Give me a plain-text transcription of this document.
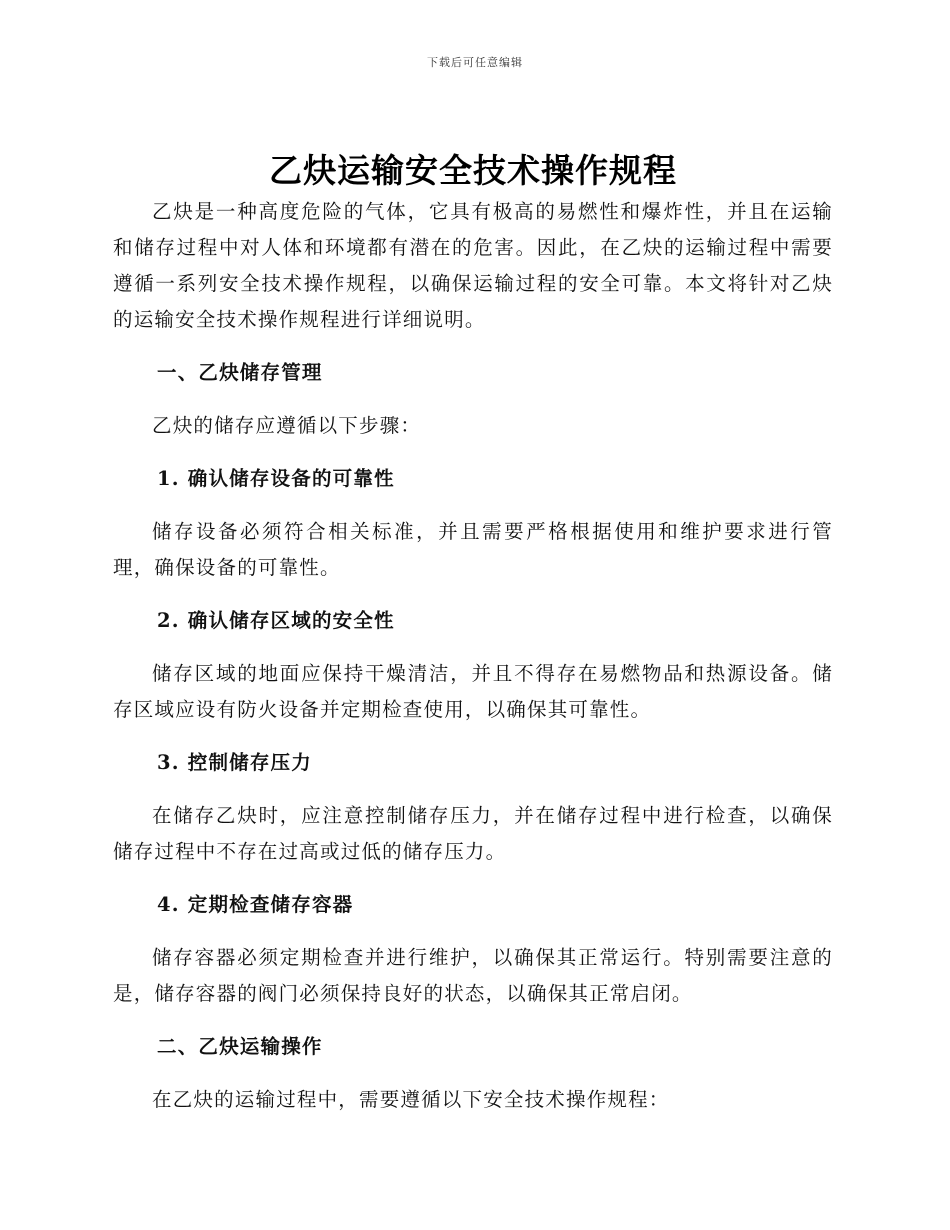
下载后可任意编辑
乙炔运输安全技术操作规程

乙炔是一种高度危险的气体，它具有极高的易燃性和爆炸性，并且在运输和储存过程中对人体和环境都有潜在的危害。因此，在乙炔的运输过程中需要遵循一系列安全技术操作规程，以确保运输过程的安全可靠。本文将针对乙炔的运输安全技术操作规程进行详细说明。

一、乙炔储存管理

乙炔的储存应遵循以下步骤：

1. 确认储存设备的可靠性

储存设备必须符合相关标准，并且需要严格根据使用和维护要求进行管理，确保设备的可靠性。

2. 确认储存区域的安全性

储存区域的地面应保持干燥清洁，并且不得存在易燃物品和热源设备。储存区域应设有防火设备并定期检查使用，以确保其可靠性。

3. 控制储存压力

在储存乙炔时，应注意控制储存压力，并在储存过程中进行检查，以确保储存过程中不存在过高或过低的储存压力。

4. 定期检查储存容器

储存容器必须定期检查并进行维护，以确保其正常运行。特别需要注意的是，储存容器的阀门必须保持良好的状态，以确保其正常启闭。

二、乙炔运输操作

在乙炔的运输过程中，需要遵循以下安全技术操作规程：
